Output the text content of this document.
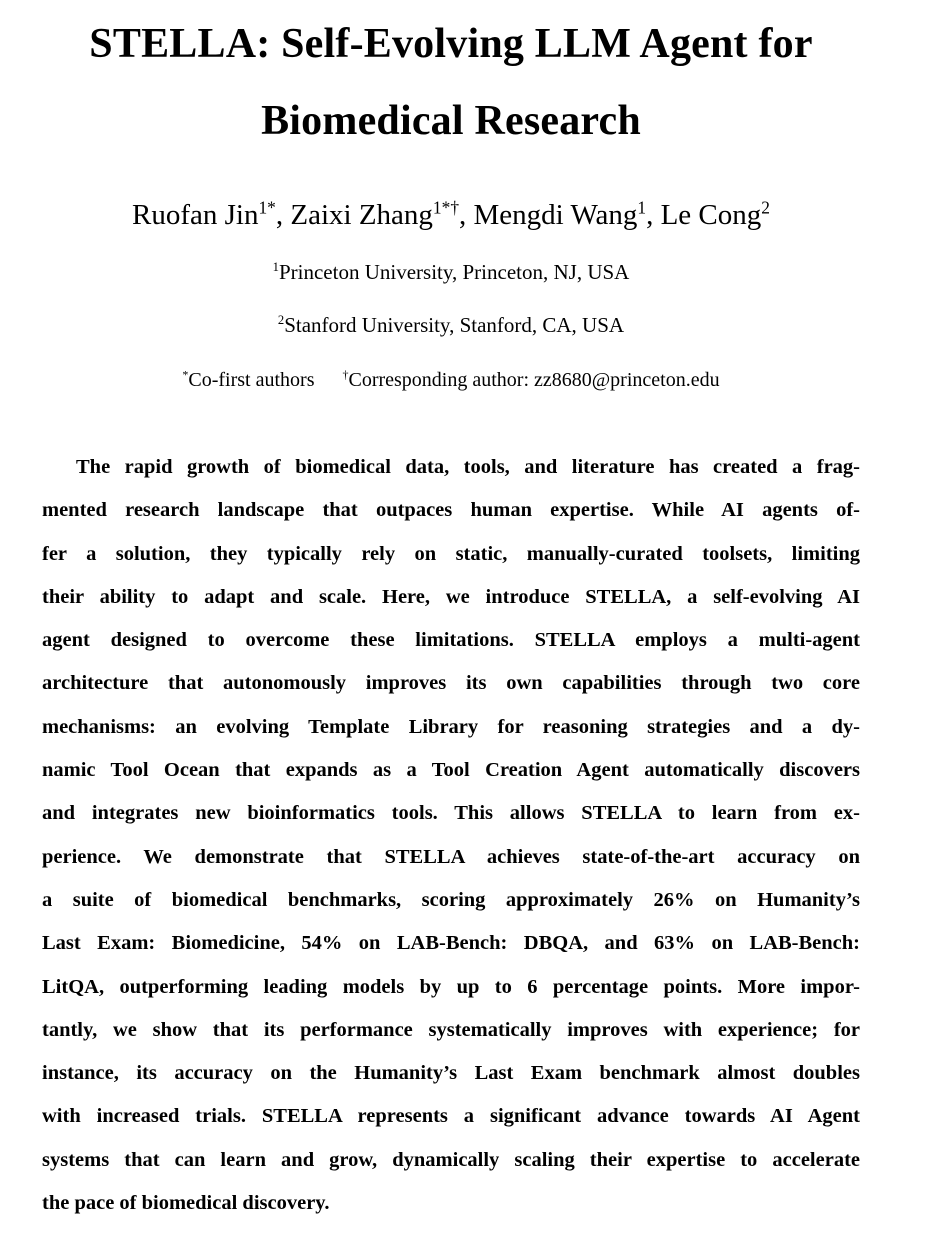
STELLA: Self-Evolving LLM Agent for
Biomedical Research
Ruofan Jin$^{1*}$, Zaixi Zhang$^{1*\dagger}$, Mengdi Wang$^1$, Le Cong$^2$
$^1$Princeton University, Princeton, NJ, USA
$^2$Stanford University, Stanford, CA, USA
*Co-first authors †Corresponding author: zz8680@princeton.edu
The rapid growth of biomedical data, tools, and literature has created a frag-
mented research landscape that outpaces human expertise. While AI agents of-
fer a solution, they typically rely on static, manually-curated toolsets, limiting
their ability to adapt and scale. Here, we introduce STELLA, a self-evolving AI
agent designed to overcome these limitations. STELLA employs a multi-agent
architecture that autonomously improves its own capabilities through two core
mechanisms: an evolving Template Library for reasoning strategies and a dy-
namic Tool Ocean that expands as a Tool Creation Agent automatically discovers
and integrates new bioinformatics tools. This allows STELLA to learn from ex-
perience. We demonstrate that STELLA achieves state-of-the-art accuracy on
a suite of biomedical benchmarks, scoring approximately 26% on Humanity’s
Last Exam: Biomedicine, 54% on LAB-Bench: DBQA, and 63% on LAB-Bench:
LitQA, outperforming leading models by up to 6 percentage points. More impor-
tantly, we show that its performance systematically improves with experience; for
instance, its accuracy on the Humanity’s Last Exam benchmark almost doubles
with increased trials. STELLA represents a significant advance towards AI Agent
systems that can learn and grow, dynamically scaling their expertise to accelerate
the pace of biomedical discovery.
